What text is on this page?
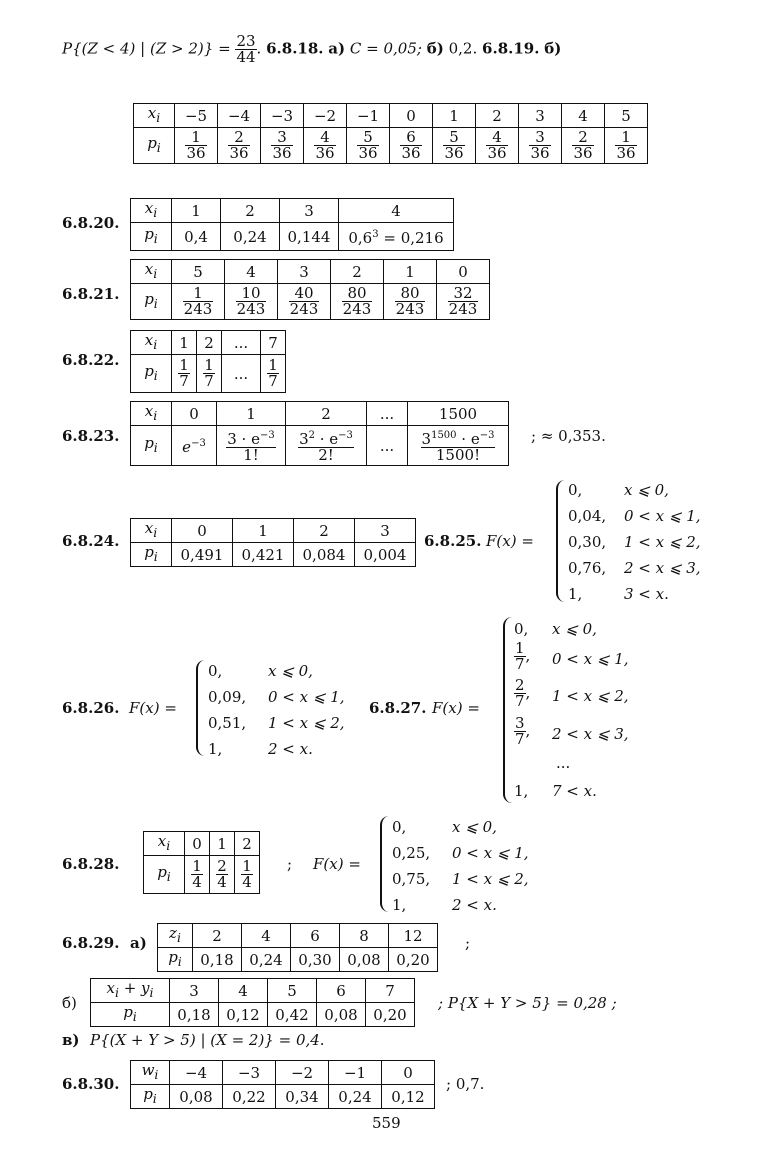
P{(Z < 4) | $(Z > 2)\} = \frac{23}{44}$ . 6.8.18. а) C = 0,05; б) 0,2. 6.8.19. б)
$x_i$	−5	−4	−3	−2	−1	0	1	2	3	4	5
$p_i$	$\frac{1}{36}$	$\frac{2}{36}$	$\frac{3}{36}$	$\frac{4}{36}$	$\frac{5}{36}$	$\frac{6}{36}$	$\frac{5}{36}$	$\frac{4}{36}$	$\frac{3}{36}$	$\frac{2}{36}$	$\frac{1}{36}$
6.8.20.
$x_i$	1	2	3	4
$p_i$	0,4	0,24	0,144	$0,6^3 = 0,216$
6.8.21.
$x_i$	5	4	3	2	1	0
$p_i$	$\frac{1}{243}$	$\frac{10}{243}$	$\frac{40}{243}$	$\frac{80}{243}$	$\frac{80}{243}$	$\frac{32}{243}$
6.8.22.
$x_i$	1	2	...	7
$p_i$	$\frac{1}{7}$	$\frac{1}{7}$	...	$\frac{1}{7}$
6.8.23.
$x_i$	0	1	2	...	1500
$p_i$	$e^{-3}$	$\frac{3 \cdot e^{-3}}{1!}$	$\frac{3^2 \cdot e^{-3}}{2!}$	...	$\frac{3^{1500} \cdot e^{-3}}{1500!}$ ; ≈ 0,353.
6.8.24.
$x_i$	0	1	2	3
$p_i$	0,491	0,421	0,084	0,004
6.8.25. F(x) =
0,	x ⩽ 0,
0,04, 0 < x ⩽ 1,
0,30, 1 < x ⩽ 2,
0,76, 2 < x ⩽ 3,
1,	3 < x.
6.8.26. F(x) =
0,	x ⩽ 0,
0,09, 0 < x ⩽ 1,
0,51, 1 < x ⩽ 2,
1,	2 < x.
6.8.27. F(x) =
0, x ⩽ 0,
$\frac{1}{7}$ , 0 < x ⩽ 1,
$\frac{2}{7}$ , 1 < x ⩽ 2,
$\frac{3}{7}$ , 2 < x ⩽ 3,
...
1, 7 < x.
6.8.28.
$x_i$	0	1	2
$p_i$	$\frac{1}{4}$	$\frac{2}{4}$	$\frac{1}{4}$ ; F(x) =
0,	x ⩽ 0,
0,25, 0 < x ⩽ 1,
0,75, 1 < x ⩽ 2,
1,	2 < x.
6.8.29. а)
$z_i$	2	4	6	8	12
$p_i$	0,18	0,24	0,30	0,08	0,20
;
б)
$x_i + y_i$	3	4	5	6	7
$p_i$	0,18	0,12	0,42	0,08	0,20
; P{X + Y > 5} = 0,28 ;
в) P{(X + Y > 5) | (X = 2)} = 0,4.
6.8.30.
$w_i$	−4	−3	−2	−1	0
$p_i$	0,08	0,22	0,34	0,24	0,12
; 0,7.
559
